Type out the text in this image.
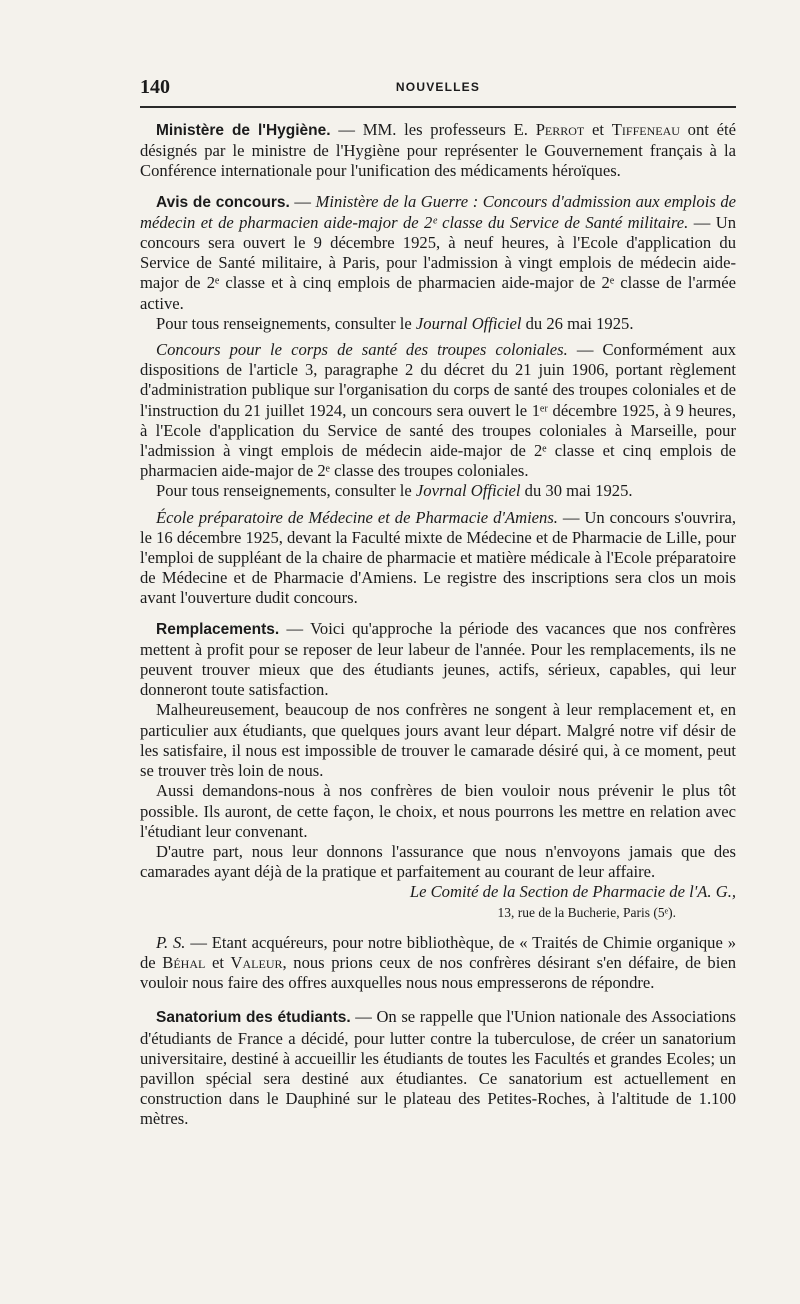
140	NOUVELLES

Ministère de l'Hygiène. — MM. les professeurs E. Perrot et Tiffeneau ont été désignés par le ministre de l'Hygiène pour représenter le Gouvernement français à la Conférence internationale pour l'unification des médicaments héroïques.

Avis de concours. — Ministère de la Guerre : Concours d'admission aux emplois de médecin et de pharmacien aide-major de 2ᵉ classe du Service de Santé militaire. — Un concours sera ouvert le 9 décembre 1925, à neuf heures, à l'Ecole d'application du Service de Santé militaire, à Paris, pour l'admission à vingt emplois de médecin aide-major de 2ᵉ classe et à cinq emplois de pharmacien aide-major de 2ᵉ classe de l'armée active.

Pour tous renseignements, consulter le Journal Officiel du 26 mai 1925.

Concours pour le corps de santé des troupes coloniales. — Conformément aux dispositions de l'article 3, paragraphe 2 du décret du 21 juin 1906, portant règlement d'administration publique sur l'organisation du corps de santé des troupes coloniales et de l'instruction du 21 juillet 1924, un concours sera ouvert le 1ᵉʳ décembre 1925, à 9 heures, à l'Ecole d'application du Service de santé des troupes coloniales à Marseille, pour l'admission à vingt emplois de médecin aide-major de 2ᵉ classe et cinq emplois de pharmacien aide-major de 2ᵉ classe des troupes coloniales.

Pour tous renseignements, consulter le Jovrnal Officiel du 30 mai 1925.

École préparatoire de Médecine et de Pharmacie d'Amiens. — Un concours s'ouvrira, le 16 décembre 1925, devant la Faculté mixte de Médecine et de Pharmacie de Lille, pour l'emploi de suppléant de la chaire de pharmacie et matière médicale à l'Ecole préparatoire de Médecine et de Pharmacie d'Amiens. Le registre des inscriptions sera clos un mois avant l'ouverture dudit concours.

Remplacements. — Voici qu'approche la période des vacances que nos confrères mettent à profit pour se reposer de leur labeur de l'année. Pour les remplacements, ils ne peuvent trouver mieux que des étudiants jeunes, actifs, sérieux, capables, qui leur donneront toute satisfaction.

Malheureusement, beaucoup de nos confrères ne songent à leur remplacement et, en particulier aux étudiants, que quelques jours avant leur départ. Malgré notre vif désir de les satisfaire, il nous est impossible de trouver le camarade désiré qui, à ce moment, peut se trouver très loin de nous.

Aussi demandons-nous à nos confrères de bien vouloir nous prévenir le plus tôt possible. Ils auront, de cette façon, le choix, et nous pourrons les mettre en relation avec l'étudiant leur convenant.

D'autre part, nous leur donnons l'assurance que nous n'envoyons jamais que des camarades ayant déjà de la pratique et parfaitement au courant de leur affaire.

Le Comité de la Section de Pharmacie de l'A. G.,

13, rue de la Bucherie, Paris (5ᵉ).

P. S. — Etant acquéreurs, pour notre bibliothèque, de « Traités de Chimie organique » de Béhal et Valeur, nous prions ceux de nos confrères désirant s'en défaire, de bien vouloir nous faire des offres auxquelles nous nous empresserons de répondre.

Sanatorium des étudiants. — On se rappelle que l'Union nationale des Associations d'étudiants de France a décidé, pour lutter contre la tuberculose, de créer un sanatorium universitaire, destiné à accueillir les étudiants de toutes les Facultés et grandes Ecoles; un pavillon spécial sera destiné aux étudiantes. Ce sanatorium est actuellement en construction dans le Dauphiné sur le plateau des Petites-Roches, à l'altitude de 1.100 mètres.
